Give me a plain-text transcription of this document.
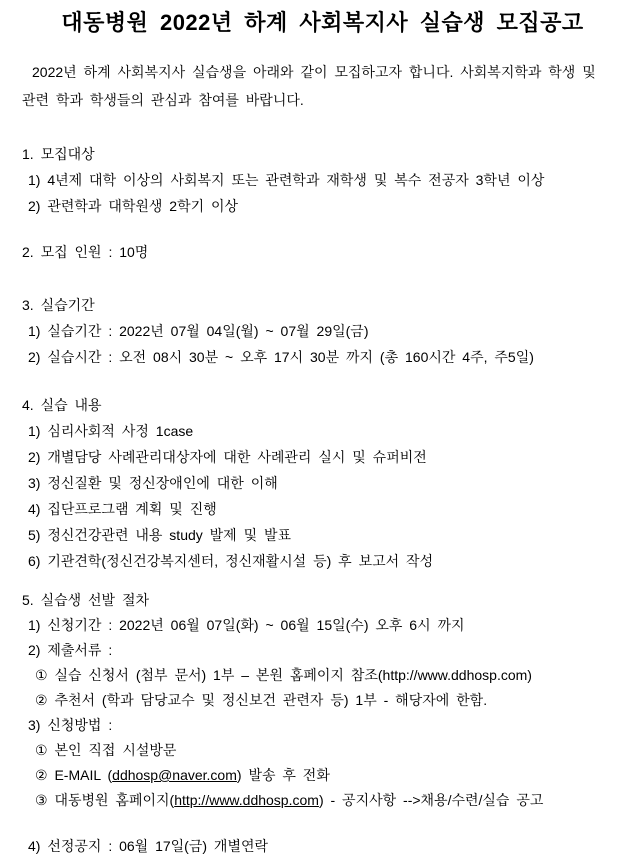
대동병원 2022년 하계 사회복지사 실습생 모집공고
2022년 하계 사회복지사 실습생을 아래와 같이 모집하고자 합니다. 사회복지학과 학생 및
관련 학과 학생들의 관심과 참여를 바랍니다.
1. 모집대상
1) 4년제 대학 이상의 사회복지 또는 관련학과 재학생 및 복수 전공자 3학년 이상
2) 관련학과 대학원생 2학기 이상
2. 모집 인원 : 10명
3. 실습기간
1) 실습기간 : 2022년 07월 04일(월) ~ 07월 29일(금)
2) 실습시간 : 오전 08시 30분 ~ 오후 17시 30분 까지 (총 160시간 4주, 주5일)
4. 실습 내용
1) 심리사회적 사정 1case
2) 개별담당 사례관리대상자에 대한 사례관리 실시 및 슈퍼비전
3) 정신질환 및 정신장애인에 대한 이해
4) 집단프로그램 계획 및 진행
5) 정신건강관련 내용 study 발제 및 발표
6) 기관견학(정신건강복지센터, 정신재활시설 등) 후 보고서 작성
5. 실습생 선발 절차
1) 신청기간 : 2022년 06월 07일(화) ~ 06월 15일(수) 오후 6시 까지
2) 제출서류 :
① 실습 신청서 (첨부 문서) 1부 – 본원 홈페이지 참조(http://www.ddhosp.com)
② 추천서 (학과 담당교수 및 정신보건 관련자 등) 1부 - 해당자에 한함.
3) 신청방법 :
① 본인 직접 시설방문
② E-MAIL (ddhosp@naver.com) 발송 후 전화
③ 대동병원 홈페이지(http://www.ddhosp.com) - 공지사항 -->채용/수련/실습 공고
4) 선정공지 : 06월 17일(금) 개별연락
